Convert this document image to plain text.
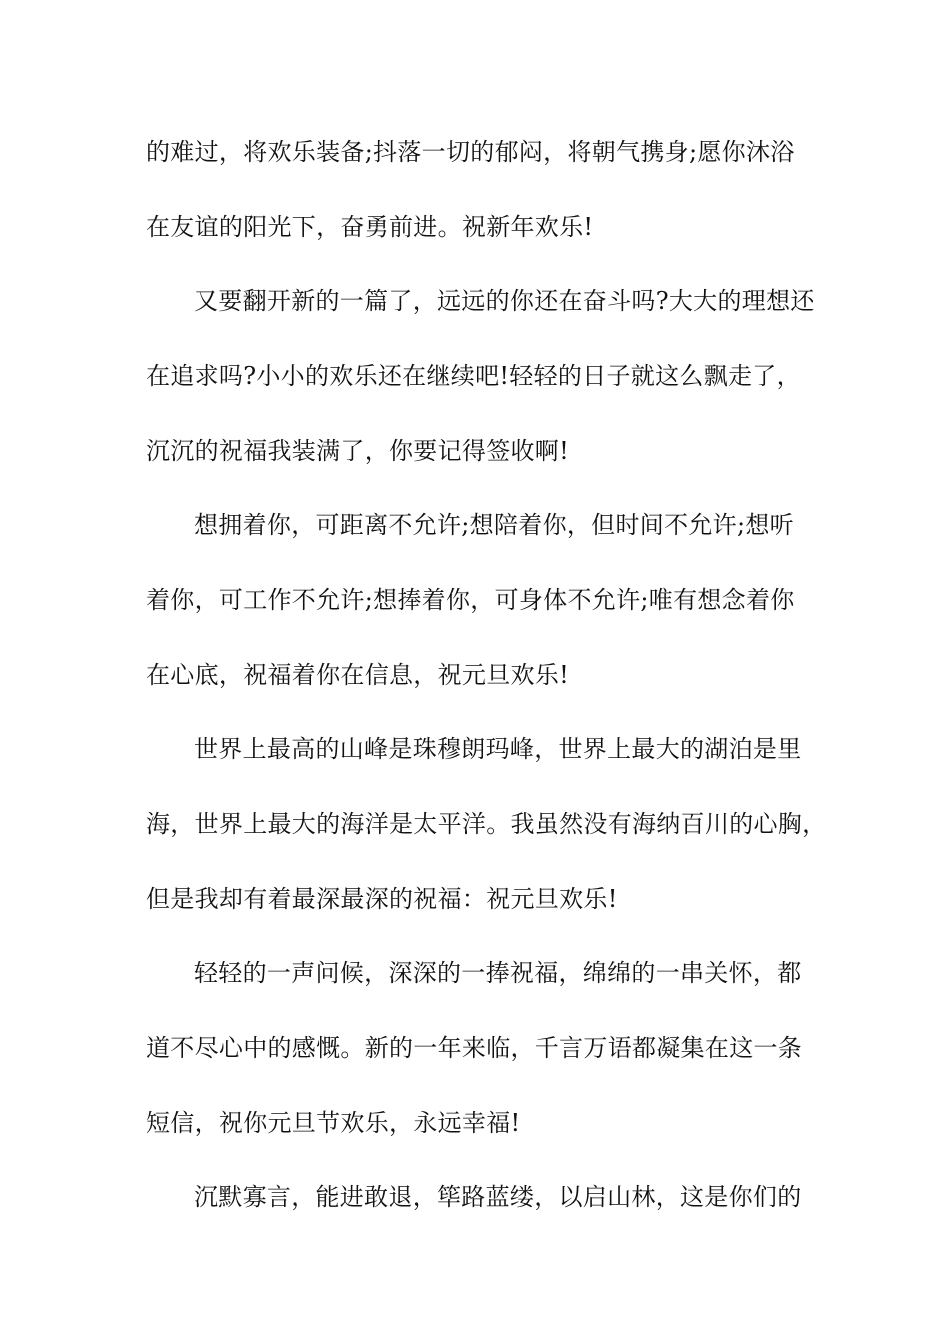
的难过，将欢乐装备;抖落一切的郁闷，将朝气携身;愿你沐浴
在友谊的阳光下，奋勇前进。祝新年欢乐!
又要翻开新的一篇了，远远的你还在奋斗吗?大大的理想还
在追求吗?小小的欢乐还在继续吧!轻轻的日子就这么飘走了，
沉沉的祝福我装满了，你要记得签收啊!
想拥着你，可距离不允许;想陪着你，但时间不允许;想听
着你，可工作不允许;想捧着你，可身体不允许;唯有想念着你
在心底，祝福着你在信息，祝元旦欢乐!
世界上最高的山峰是珠穆朗玛峰，世界上最大的湖泊是里
海，世界上最大的海洋是太平洋。我虽然没有海纳百川的心胸，
但是我却有着最深最深的祝福：祝元旦欢乐!
轻轻的一声问候，深深的一捧祝福，绵绵的一串关怀，都
道不尽心中的感慨。新的一年来临，千言万语都凝集在这一条
短信，祝你元旦节欢乐，永远幸福!
沉默寡言，能进敢退，筚路蓝缕，以启山林，这是你们的
